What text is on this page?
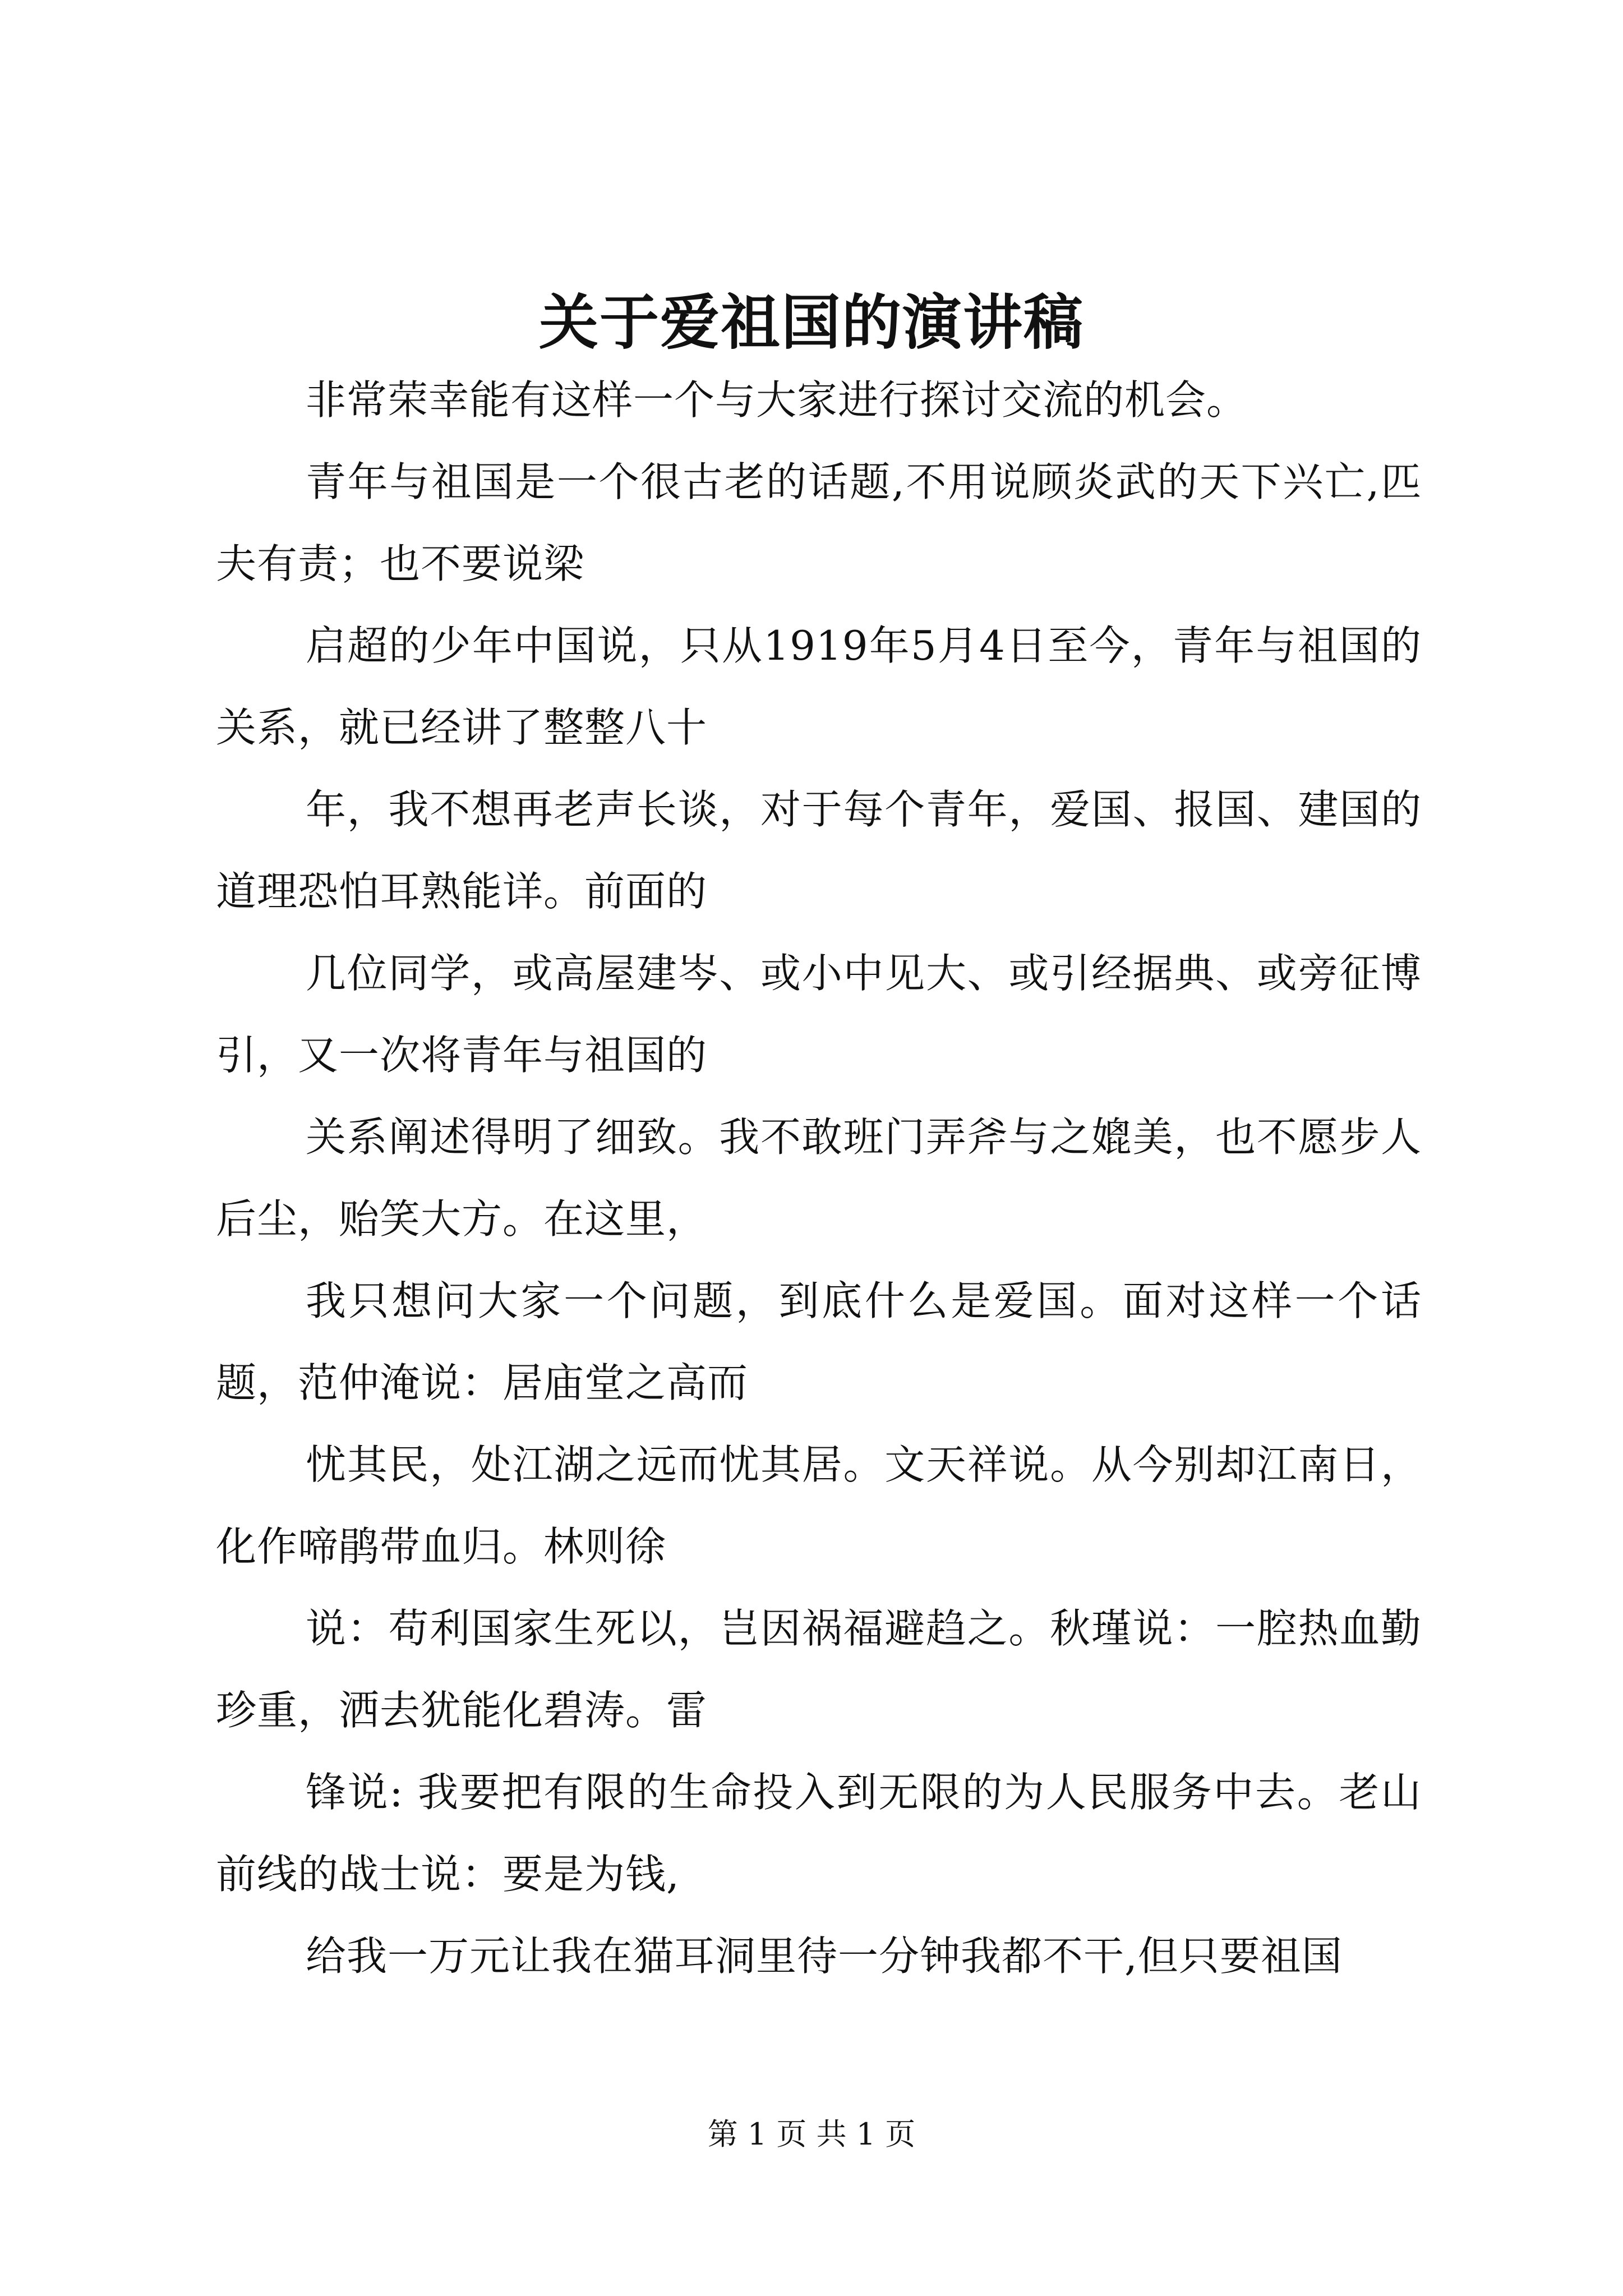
关于爱祖国的演讲稿

非常荣幸能有这样一个与大家进行探讨交流的机会。

青年与祖国是一个很古老的话题,不用说顾炎武的天下兴亡,匹夫有责；也不要说梁

启超的少年中国说，只从1919年5月4日至今，青年与祖国的关系，就已经讲了整整八十

年，我不想再老声长谈，对于每个青年，爱国、报国、建国的道理恐怕耳熟能详。前面的

几位同学，或高屋建岑、或小中见大、或引经据典、或旁征博引，又一次将青年与祖国的

关系阐述得明了细致。我不敢班门弄斧与之媲美，也不愿步人后尘，贻笑大方。在这里，

我只想问大家一个问题，到底什么是爱国。面对这样一个话题，范仲淹说：居庙堂之高而

忧其民，处江湖之远而忧其居。文天祥说。从今别却江南日，化作啼鹃带血归。林则徐

说：苟利国家生死以，岂因祸福避趋之。秋瑾说：一腔热血勤珍重，洒去犹能化碧涛。雷

锋说: 我要把有限的生命投入到无限的为人民服务中去。老山前线的战士说：要是为钱,

给我一万元让我在猫耳洞里待一分钟我都不干,但只要祖国

第 1 页 共 1 页
